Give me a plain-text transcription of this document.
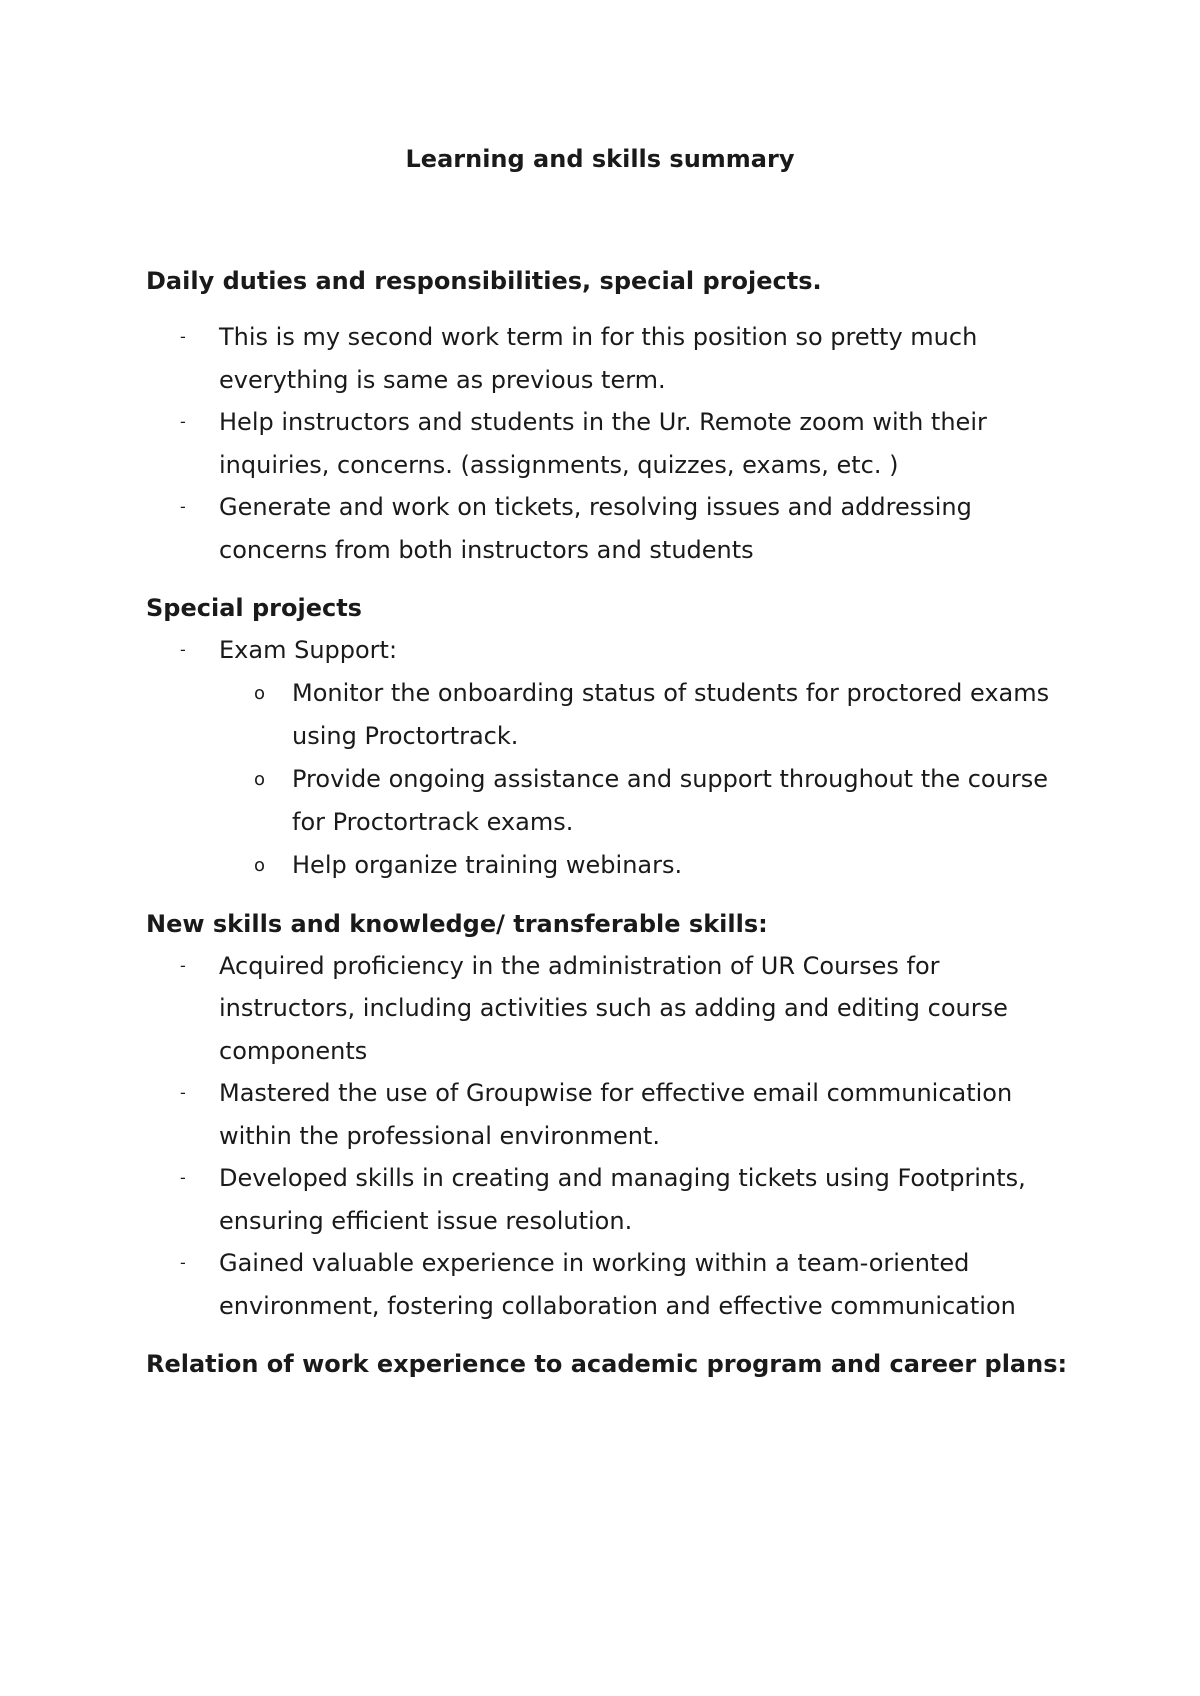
Learning and skills summary

Daily duties and responsibilities, special projects.

- This is my second work term in for this position so pretty much everything is same as previous term.
- Help instructors and students in the Ur. Remote zoom with their inquiries, concerns. (assignments, quizzes, exams, etc. )
- Generate and work on tickets, resolving issues and addressing concerns from both instructors and students

Special projects

- Exam Support:
o Monitor the onboarding status of students for proctored exams using Proctortrack.
o Provide ongoing assistance and support throughout the course for Proctortrack exams.
o Help organize training webinars.

New skills and knowledge/ transferable skills:

- Acquired proficiency in the administration of UR Courses for instructors, including activities such as adding and editing course components
- Mastered the use of Groupwise for effective email communication within the professional environment.
- Developed skills in creating and managing tickets using Footprints, ensuring efficient issue resolution.
- Gained valuable experience in working within a team-oriented environment, fostering collaboration and effective communication

Relation of work experience to academic program and career plans:
